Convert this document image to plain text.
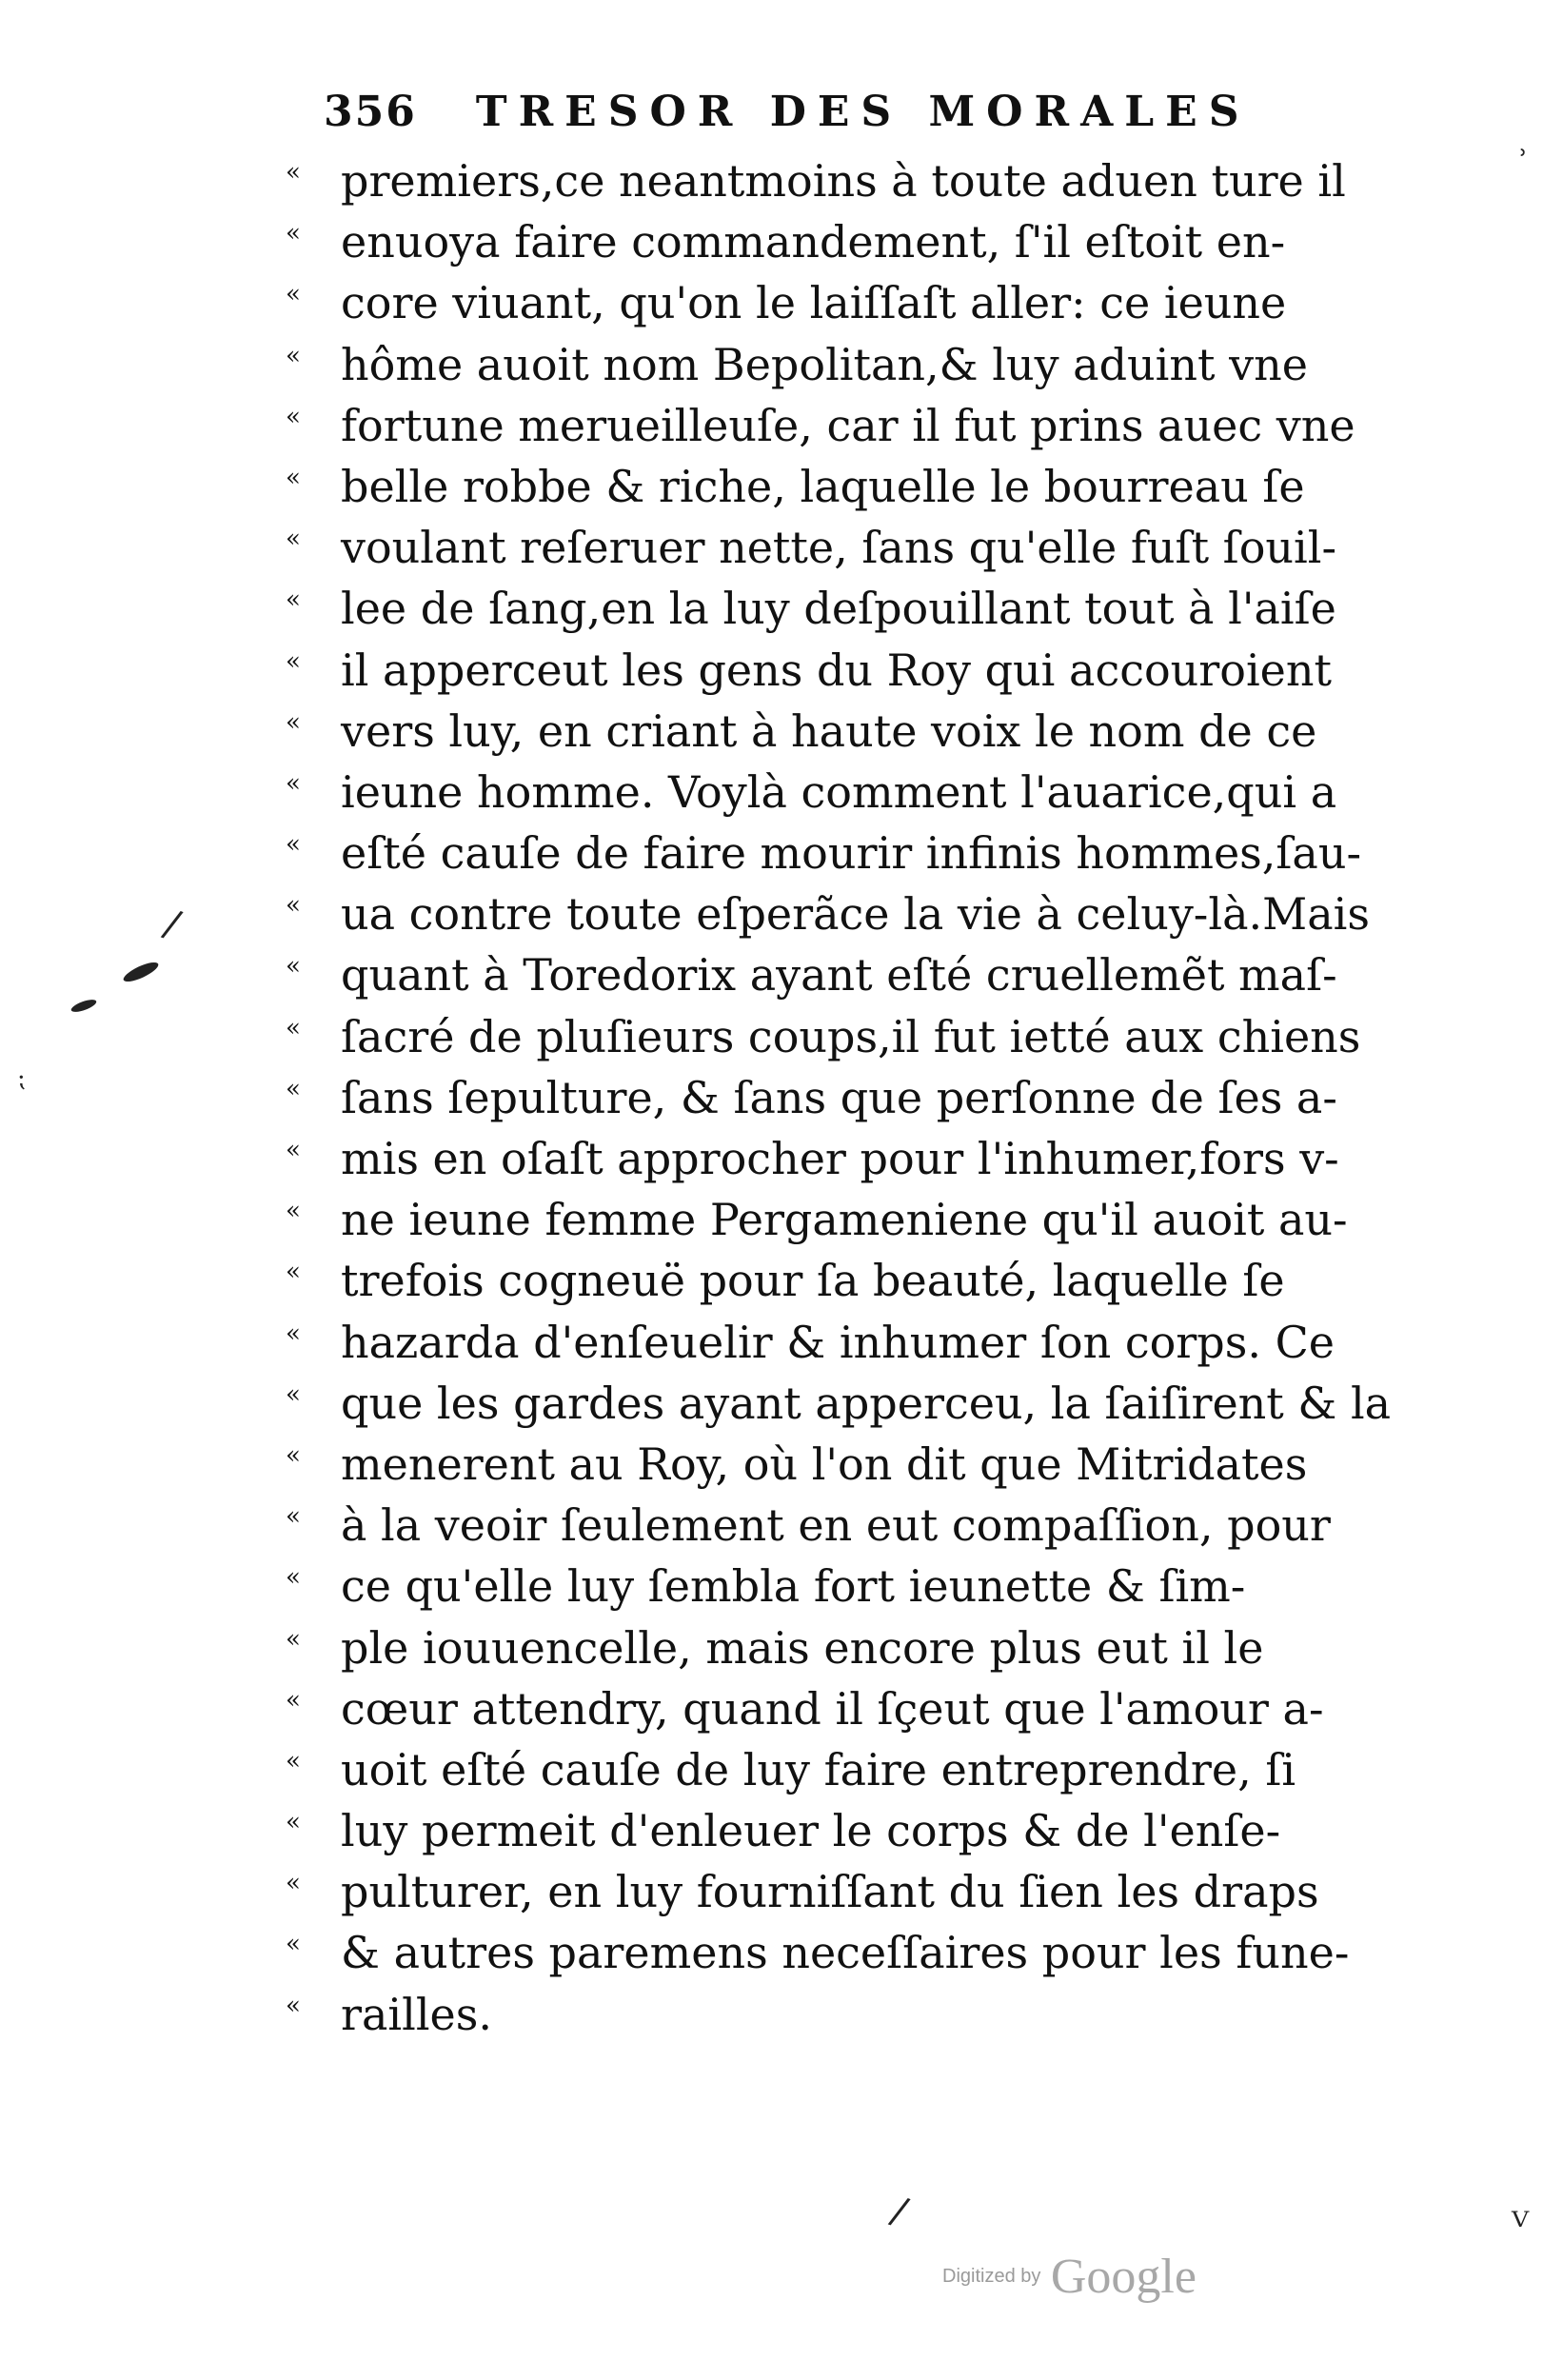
356 TRESOR DES MORALES
« premiers,ce neantmoins à toute aduen ture il
« enuoya faire commandement, ſ'il eſtoit en-
« core viuant, qu'on le laiſſaſt aller: ce ieune
« hôme auoit nom Bepolitan,& luy aduint vne
« fortune merueilleuſe, car il fut prins auec vne
« belle robbe & riche, laquelle le bourreau ſe
« voulant reſeruer nette, ſans qu'elle fuſt ſouil-
« lee de ſang,en la luy deſpouillant tout à l'aiſe
« il apperceut les gens du Roy qui accouroient
« vers luy, en criant à haute voix le nom de ce
« ieune homme. Voylà comment l'auarice,qui a
« eſté cauſe de faire mourir infinis hommes,ſau-
« ua contre toute eſperãce la vie à celuy-là.Mais
« quant à Toredorix ayant eſté cruellemẽt maſ-
« ſacré de pluſieurs coups,il fut ietté aux chiens
« ſans ſepulture, & ſans que perſonne de ſes a-
« mis en oſaſt approcher pour l'inhumer,fors v-
« ne ieune femme Pergameniene qu'il auoit au-
« trefois cogneuë pour ſa beauté, laquelle ſe
« hazarda d'enſeuelir & inhumer ſon corps. Ce
« que les gardes ayant apperceu, la ſaiſirent & la
« menerent au Roy, où l'on dit que Mitridates
« à la veoir ſeulement en eut compaſſion, pour
« ce qu'elle luy ſembla fort ieunette & ſim-
« ple iouuencelle, mais encore plus eut il le
« cœur attendry, quand il ſçeut que l'amour a-
« uoit eſté cauſe de luy faire entreprendre, ſi
« luy permeit d'enleuer le corps & de l'enſe-
« pulturer, en luy fourniſſant du ſien les draps
« & autres paremens neceſſaires pour les fune-
« railles.
/
⁏
/
ʾ
ⱽ
Digitized by Google
